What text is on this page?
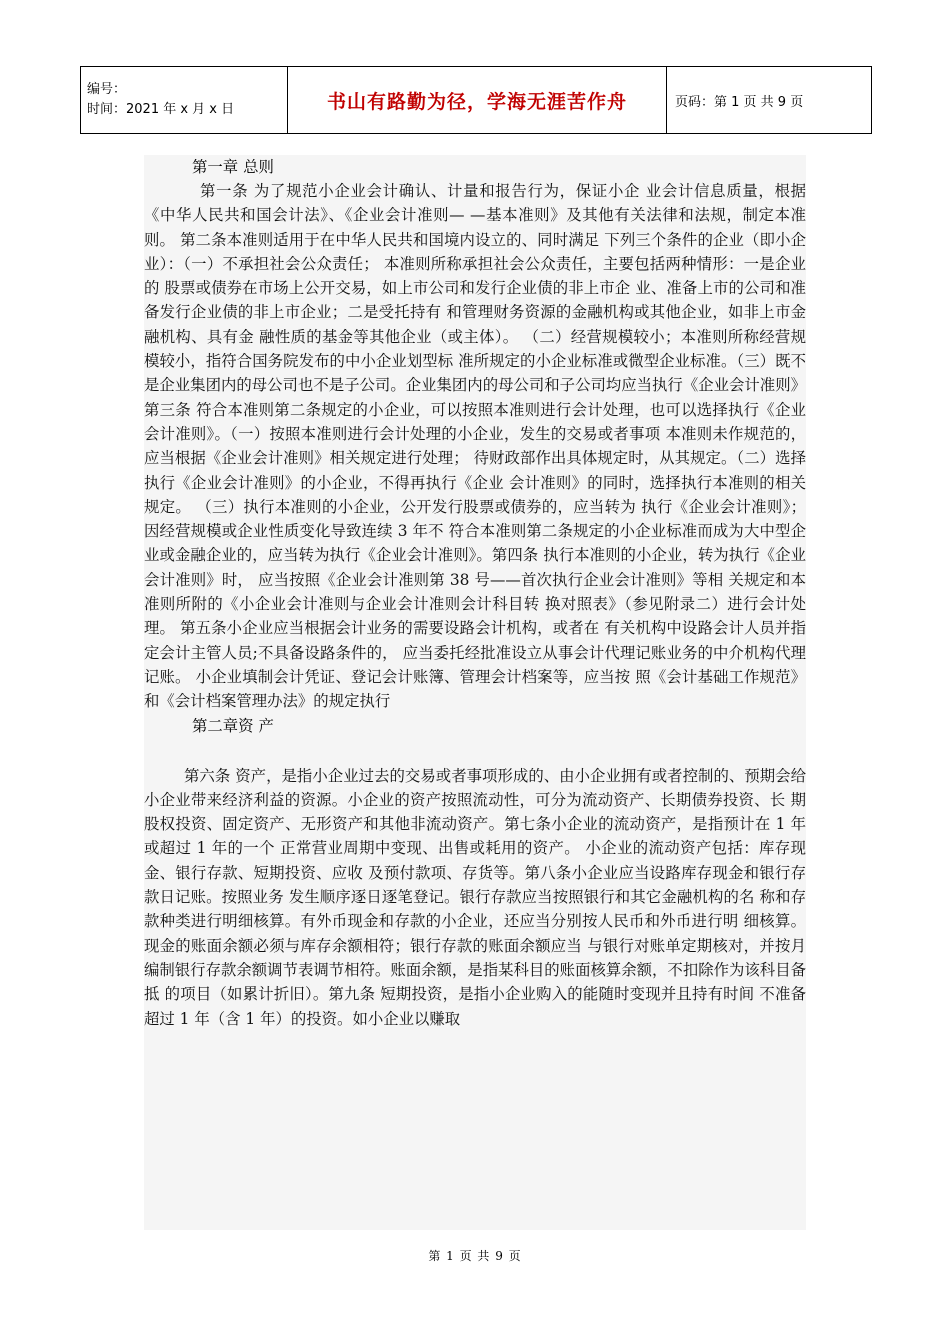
编号：
时间：2021 年 x 月 x 日	书山有路勤为径，学海无涯苦作舟	页码：第 1 页 共 9 页

第一章 总则

第一条 为了规范小企业会计确认、计量和报告行为，保证小企 业会计信息质量，根据《中华人民共和国会计法》、《企业会计准则— —基本准则》及其他有关法律和法规，制定本准则。 第二条本准则适用于在中华人民共和国境内设立的、同时满足 下列三个条件的企业（即小企业）：（一）不承担社会公众责任； 本准则所称承担社会公众责任，主要包括两种情形：一是企业的 股票或债券在市场上公开交易，如上市公司和发行企业债的非上市企 业、准备上市的公司和准备发行企业债的非上市企业；二是受托持有 和管理财务资源的金融机构或其他企业，如非上市金融机构、具有金 融性质的基金等其他企业（或主体）。 （二）经营规模较小；本准则所称经营规模较小，指符合国务院发布的中小企业划型标 准所规定的小企业标准或微型企业标准。（三）既不是企业集团内的母公司也不是子公司。企业集团内的母公司和子公司均应当执行《企业会计准则》第三条 符合本准则第二条规定的小企业，可以按照本准则进行会计处理，也可以选择执行《企业会计准则》。（一）按照本准则进行会计处理的小企业，发生的交易或者事项 本准则未作规范的，应当根据《企业会计准则》相关规定进行处理； 待财政部作出具体规定时，从其规定。（二）选择执行《企业会计准则》的小企业，不得再执行《企业 会计准则》的同时，选择执行本准则的相关规定。 （三）执行本准则的小企业，公开发行股票或债券的，应当转为 执行《企业会计准则》；因经营规模或企业性质变化导致连续 3 年不 符合本准则第二条规定的小企业标准而成为大中型企业或金融企业的，应当转为执行《企业会计准则》。第四条 执行本准则的小企业，转为执行《企业会计准则》时， 应当按照《企业会计准则第 38 号——首次执行企业会计准则》等相 关规定和本准则所附的《小企业会计准则与企业会计准则会计科目转 换对照表》（参见附录二）进行会计处理。 第五条小企业应当根据会计业务的需要设路会计机构，或者在 有关机构中设路会计人员并指定会计主管人员;不具备设路条件的， 应当委托经批准设立从事会计代理记账业务的中介机构代理记账。 小企业填制会计凭证、登记会计账簿、管理会计档案等，应当按 照《会计基础工作规范》和《会计档案管理办法》的规定执行

第二章资 产

第六条 资产，是指小企业过去的交易或者事项形成的、由小企业拥有或者控制的、预期会给小企业带来经济利益的资源。小企业的资产按照流动性，可分为流动资产、长期债券投资、长 期股权投资、固定资产、无形资产和其他非流动资产。第七条小企业的流动资产，是指预计在 1 年或超过 1 年的一个 正常营业周期中变现、出售或耗用的资产。 小企业的流动资产包括：库存现金、银行存款、短期投资、应收 及预付款项、存货等。第八条小企业应当设路库存现金和银行存款日记账。按照业务 发生顺序逐日逐笔登记。银行存款应当按照银行和其它金融机构的名 称和存款种类进行明细核算。有外币现金和存款的小企业，还应当分别按人民币和外币进行明 细核算。现金的账面余额必须与库存余额相符；银行存款的账面余额应当 与银行对账单定期核对，并按月编制银行存款余额调节表调节相符。账面余额，是指某科目的账面核算余额，不扣除作为该科目备抵 的项目（如累计折旧）。第九条 短期投资，是指小企业购入的能随时变现并且持有时间 不准备超过 1 年（含 1 年）的投资。如小企业以赚取

第 1 页 共 9 页
